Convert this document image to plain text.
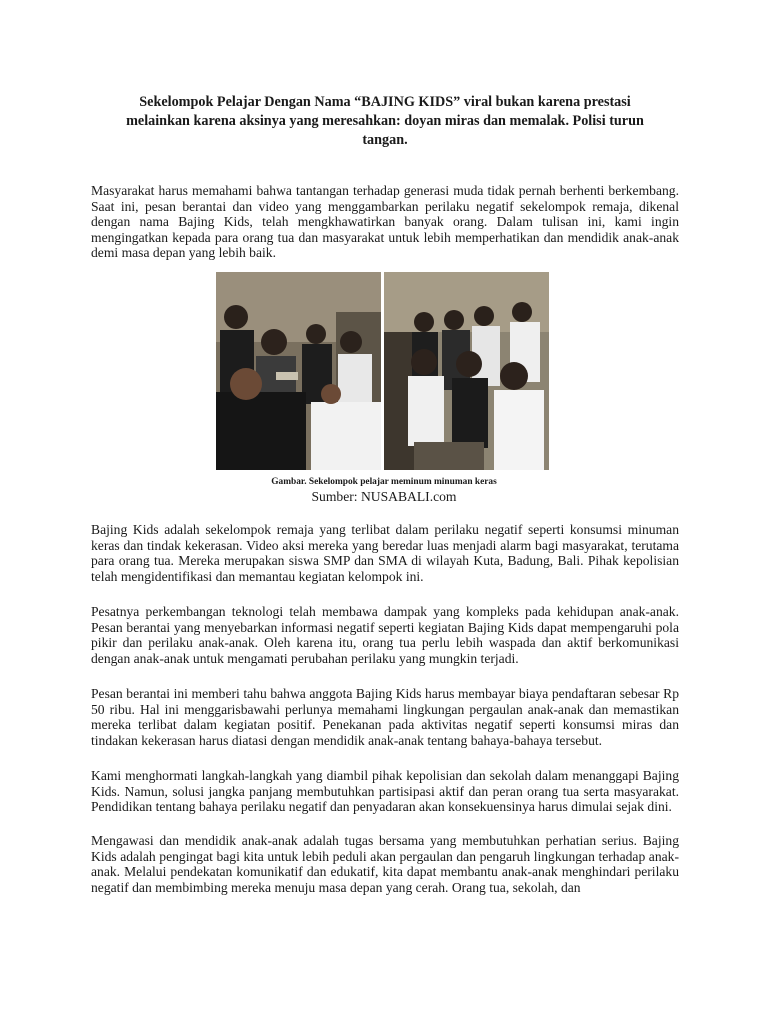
Sekelompok Pelajar Dengan Nama “BAJING KIDS” viral bukan karena prestasi melainkan karena aksinya yang meresahkan: doyan miras dan memalak. Polisi turun tangan.

Masyarakat harus memahami bahwa tantangan terhadap generasi muda tidak pernah berhenti berkembang. Saat ini, pesan berantai dan video yang menggambarkan perilaku negatif sekelompok remaja, dikenal dengan nama Bajing Kids, telah mengkhawatirkan banyak orang. Dalam tulisan ini, kami ingin mengingatkan kepada para orang tua dan masyarakat untuk lebih memperhatikan dan mendidik anak-anak demi masa depan yang lebih baik.

Gambar. Sekelompok pelajar meminum minuman keras

Sumber: NUSABALI.com

Bajing Kids adalah sekelompok remaja yang terlibat dalam perilaku negatif seperti konsumsi minuman keras dan tindak kekerasan. Video aksi mereka yang beredar luas menjadi alarm bagi masyarakat, terutama para orang tua. Mereka merupakan siswa SMP dan SMA di wilayah Kuta, Badung, Bali. Pihak kepolisian telah mengidentifikasi dan memantau kegiatan kelompok ini.

Pesatnya perkembangan teknologi telah membawa dampak yang kompleks pada kehidupan anak-anak. Pesan berantai yang menyebarkan informasi negatif seperti kegiatan Bajing Kids dapat mempengaruhi pola pikir dan perilaku anak-anak. Oleh karena itu, orang tua perlu lebih waspada dan aktif berkomunikasi dengan anak-anak untuk mengamati perubahan perilaku yang mungkin terjadi.

Pesan berantai ini memberi tahu bahwa anggota Bajing Kids harus membayar biaya pendaftaran sebesar Rp 50 ribu. Hal ini menggarisbawahi perlunya memahami lingkungan pergaulan anak-anak dan memastikan mereka terlibat dalam kegiatan positif. Penekanan pada aktivitas negatif seperti konsumsi miras dan tindakan kekerasan harus diatasi dengan mendidik anak-anak tentang bahaya-bahaya tersebut.

Kami menghormati langkah-langkah yang diambil pihak kepolisian dan sekolah dalam menanggapi Bajing Kids. Namun, solusi jangka panjang membutuhkan partisipasi aktif dan peran orang tua serta masyarakat. Pendidikan tentang bahaya perilaku negatif dan penyadaran akan konsekuensinya harus dimulai sejak dini.

Mengawasi dan mendidik anak-anak adalah tugas bersama yang membutuhkan perhatian serius. Bajing Kids adalah pengingat bagi kita untuk lebih peduli akan pergaulan dan pengaruh lingkungan terhadap anak-anak. Melalui pendekatan komunikatif dan edukatif, kita dapat membantu anak-anak menghindari perilaku negatif dan membimbing mereka menuju masa depan yang cerah. Orang tua, sekolah, dan
